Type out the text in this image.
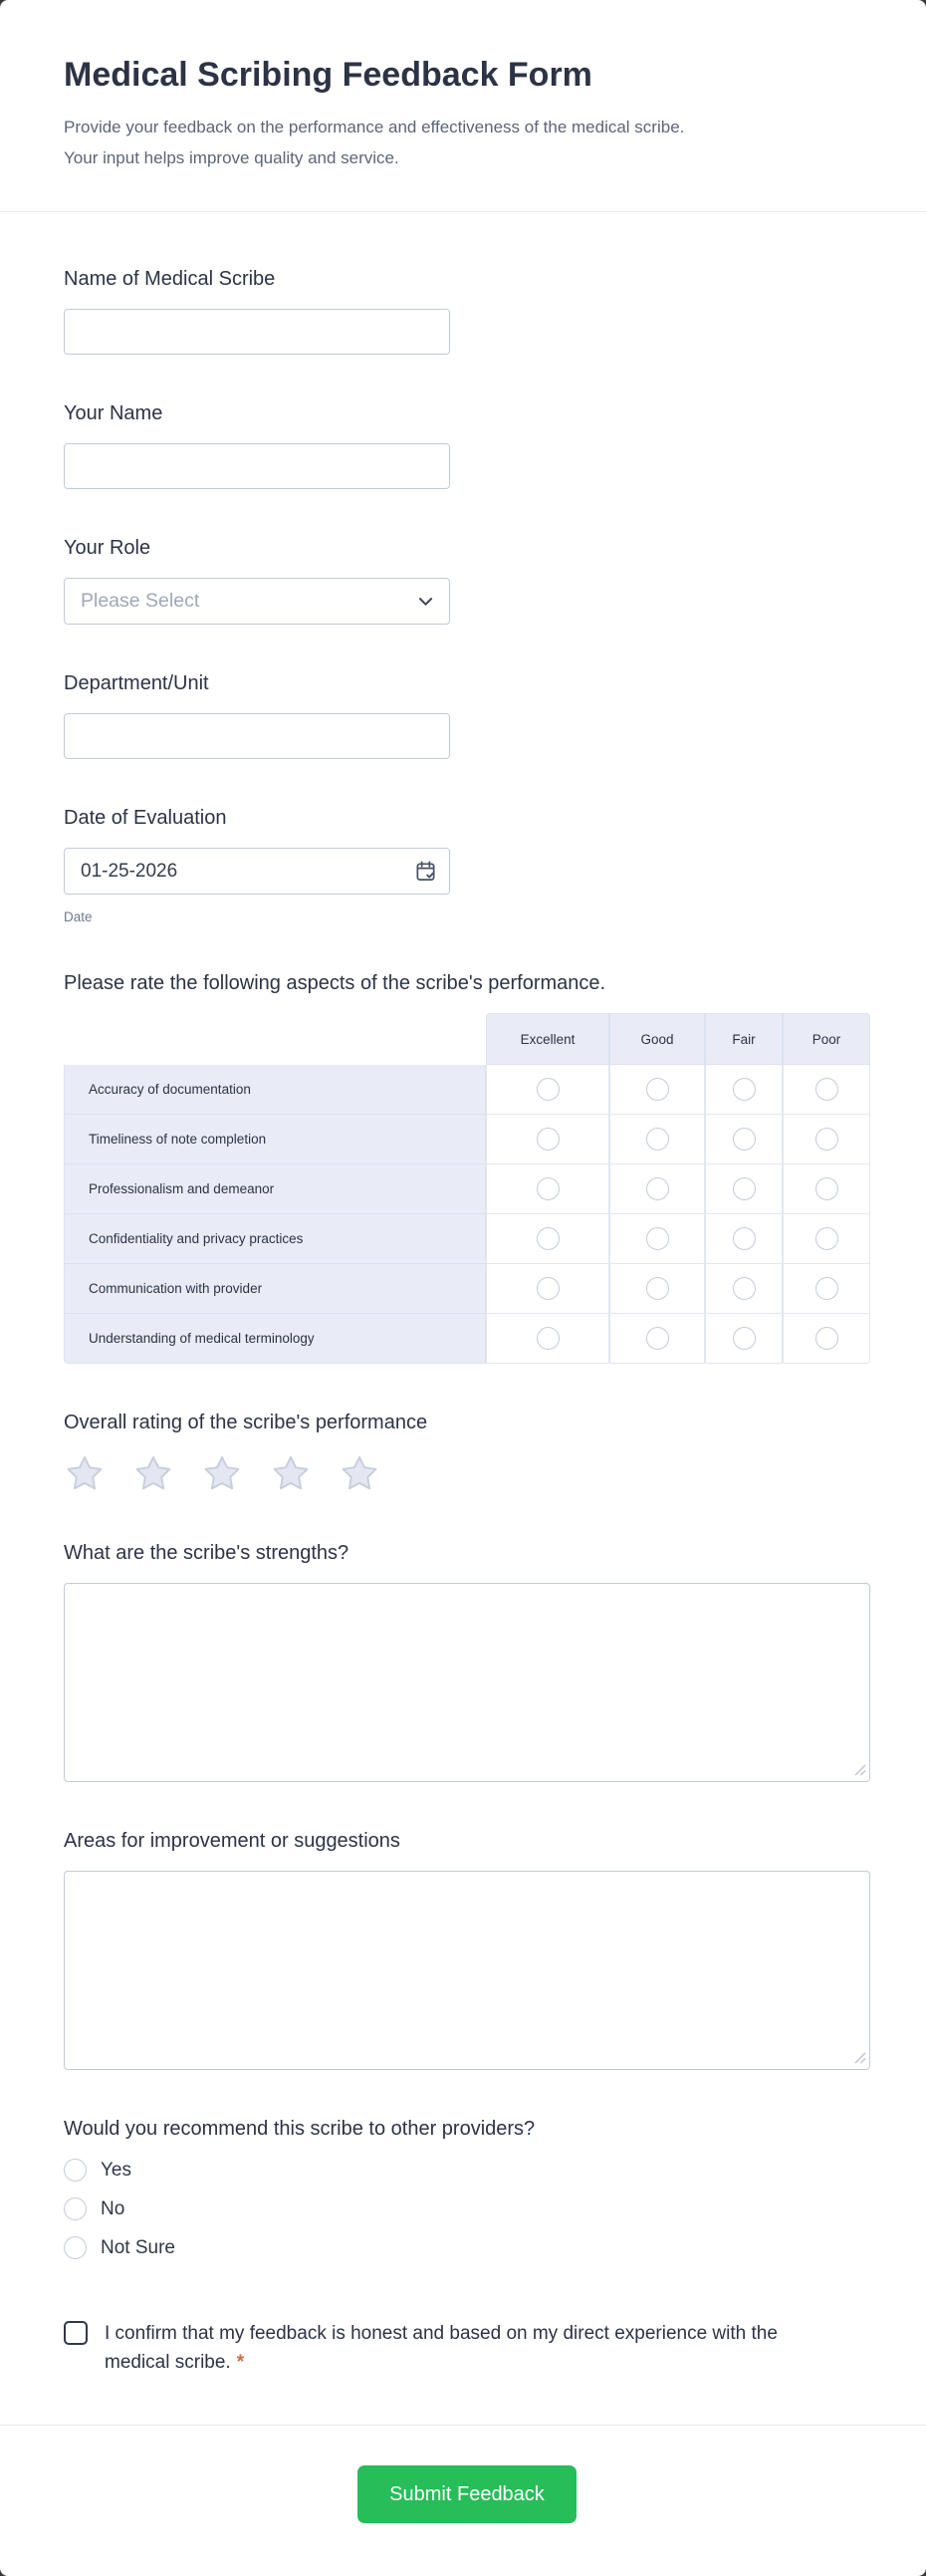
Medical Scribing Feedback Form
Provide your feedback on the performance and effectiveness of the medical scribe.
Your input helps improve quality and service.
Name of Medical Scribe
Your Name
Your Role
Please Select
Department/Unit
Date of Evaluation
01-25-2026
Date
Please rate the following aspects of the scribe's performance.
	Excellent	Good	Fair	Poor
Accuracy of documentation				
Timeliness of note completion				
Professionalism and demeanor				
Confidentiality and privacy practices				
Communication with provider				
Understanding of medical terminology				
Overall rating of the scribe's performance
What are the scribe's strengths?
Areas for improvement or suggestions
Would you recommend this scribe to other providers?
Yes
No
Not Sure
I confirm that my feedback is honest and based on my direct experience with the medical scribe. *
Submit Feedback
